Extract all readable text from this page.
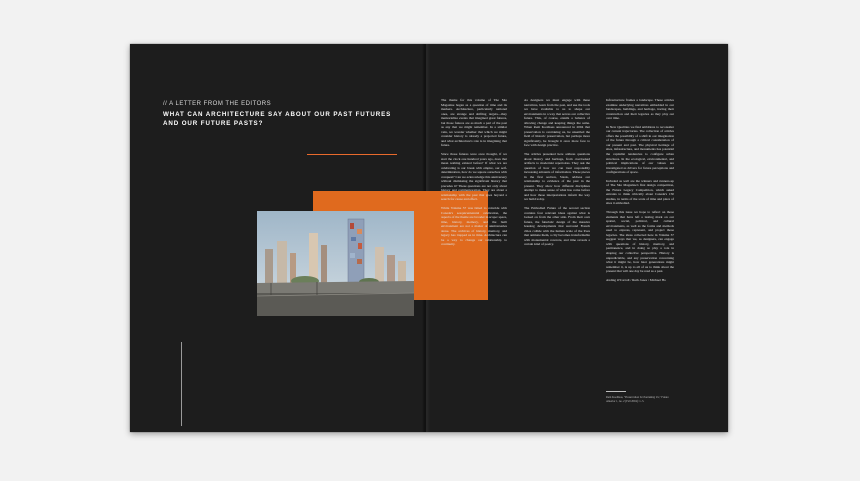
// A LETTER FROM THE EDITORS

WHAT CAN ARCHITECTURE SAY ABOUT OUR PAST FUTURES AND OUR FUTURE PASTS?

The theme for this volume of The Site Magazine began as a question of time and its markers. Architecture, particularly national ones, are strange and shifting targets—they memorialize events that imagined great futures, but those futures are as much a part of the past as any that we might remember. In a similar vein, we wonder whether that which we might consider history is already a projected future, and what architecture's role is in imagining that future.

Since those futures were once thought, if we start the clock one hundred years ago, does that mean nothing existed before? If what we are celebrating is our break with empire, our self-determination, how do we square ourselves with conquest? Can we acknowledge this anniversary without dismissing the significant history that precedes it? These questions are not only about history and commemoration. They are about a relationship with the past that goes beyond a search for cause and effect.

While Volume 37 was timed to coincide with Canada's sesquicentennial celebration, the aspects of the theme are broader in scope: space, time, history, memory, and the built environment are not a matter of anniversaries alone. The archives of history, memory, and legacy has trapped us in time. Architecture can be a way to change our relationship to continuity.

As designers we must engage with these narratives, learn from the past, and use the tools we have available to us to shape our environments in a way that serves our collective future. This, of course, entails a balance of allowing change and keeping things the same. When Rem Koolhaas announced in 2004 that preservation is overtaking us, he unsettled the field of historic preservation, but perhaps more significantly, he brought it once more face to face with design practice.

The articles presented here address questions about history and heritage, from overlooked artifacts to modernist repertoires. They ask the question of how we can treat responsibly increasing amounts of information. These pieces in the first section, Stasis, address our relationship to evidence of the past in the present. They show how different disciplines attempt to make sense of what has come before and how those interpretations inform the way we build today.

The Embodied Future of the second section contains four relevant ideas against what is looked on from the other side. From their own future, the futuristic design of the massive housing developments that surround French cities collide with the human scale of the lives that animate them, a city becomes transformable with monumental concrete, and time reveals a certain kind of poetry.

Infrastructure frames a landscape. These articles examine underlying narratives embedded in our landscapes, buildings, and heritage, tracing their construction and their legacies as they play out over time.

In New Qualities we find ambitions to reconsider our current trajectories. The collection of articles offers the possibility of a shift in our imagination of the future through a critical consideration of our present and past. The physical heritage of sites, infrastructure, and monuments has potential the capitalist tendencies to configure urban structures. In the ecological, environmental, and political implications of our values are investigated as drivers for future perceptions and configurations of space.

Included as well are the winners and runners-up of The Site Magazine's first design competition, the Future Legacy Competition, which asked entrants to think critically about Canada's 150 studies, in terms of the scale of time and place of sites it embodied.

Through this issue we hope to reflect on those elements that have left a lasting mark on our spatial, social, political, and cultural environments, as well as the forms and methods used to express, represent, and project those legacies. The ideas collected here in Volume 37 suggest ways that we, as designers, can engage with questions of history, memory, and permanence, and in doing so play a role in shaping our collective perspective. History is unpredictable, and any preservation concerning what it might be, how later generations might remember it, is up to all of us to think about the present that will one day be read as a past.

Aisling O'Carroll / Ruth Jones / Michael Ho

Rem Koolhaas, "Preservation Is Overtaking Us," Future Anterior 1, no. 2 (Fall 2004): 1–3.
